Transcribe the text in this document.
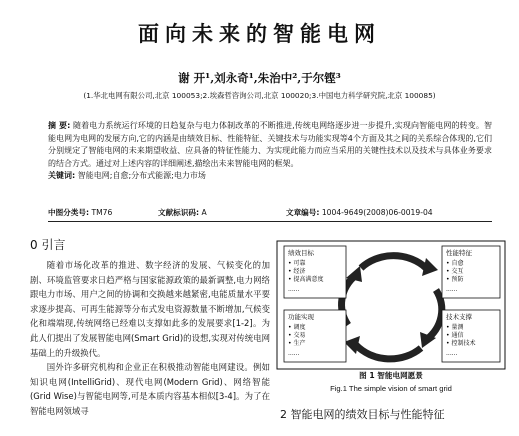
面向未来的智能电网
谢 开¹,刘永奇¹,朱治中²,于尔铿³
(1.华北电网有限公司,北京 100053;2.埃森哲咨询公司,北京 100020;3.中国电力科学研究院,北京 100085)
摘 要: 随着电力系统运行环境的日趋复杂与电力体制改革的不断推进,传统电网络逐步进一步提升,实现向智能电网的转变。智能电网为电网的发展方向,它的内涵是由绩效目标、性能特征、关键技术与功能实现等4个方面及其之间的关系综合体现的,它们分别规定了智能电网的未来期望收益、应具备的特征性能力、为实现此能力而应当采用的关键性技术以及技术与具体业务要求的结合方式。通过对上述内容的详细阐述,描绘出未来智能电网的框架。
关键词: 智能电网;自愈;分布式能源;电力市场
中图分类号: TM76	文献标识码: A	文章编号: 1004-9649(2008)06-0019-04
0 引言

随着市场化改革的推进、数字经济的发展、气候变化的加剧、环境监管要求日趋严格与国家能源政策的最新调整,电力网络跟电力市场、用户之间的协调和交换越来越紧密,电能质量水平要求逐步提高、可再生能源等分布式发电资源数量不断增加,气候变化和端端现,传统网络已经难以支撑如此多的发展要求[1-2]。为此人们提出了发展智能电网(Smart Grid)的设想,实现对传统电网基础上的升级换代。

国外许多研究机构和企业正在积极推动智能电网建设。例如知识电网(IntelliGrid)、现代电网(Modern Grid)、网络智能(Grid Wise)与智能电网等,可是本质内容基本相似[3-4]。为了在智能电网领域寻

绩效目标
• 可靠
• 经济
• 提高满意度
......
性能特征
• 自愈
• 交互
• 预防
......
功能实现
• 调度
• 交易
• 生产
......
技术支撑
• 量测
• 通信
• 控制技术
......
图 1 智能电网愿景
Fig.1 The simple vision of smart grid
2 智能电网的绩效目标与性能特征
